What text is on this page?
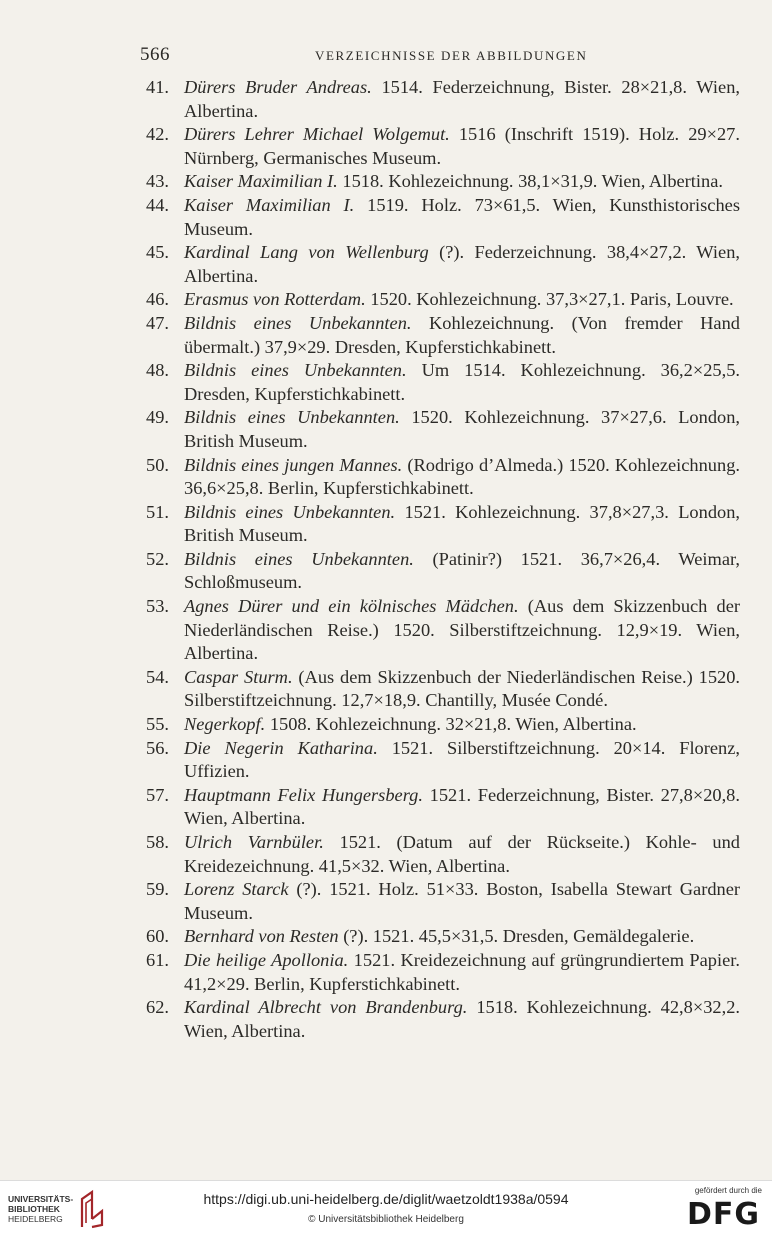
566	VERZEICHNISSE DER ABBILDUNGEN
41. Dürers Bruder Andreas. 1514. Federzeichnung, Bister. 28×21,8. Wien, Albertina.
42. Dürers Lehrer Michael Wolgemut. 1516 (Inschrift 1519). Holz. 29×27. Nürnberg, Germanisches Museum.
43. Kaiser Maximilian I. 1518. Kohlezeichnung. 38,1×31,9. Wien, Albertina.
44. Kaiser Maximilian I. 1519. Holz. 73×61,5. Wien, Kunsthistorisches Museum.
45. Kardinal Lang von Wellenburg (?). Federzeichnung. 38,4×27,2. Wien, Albertina.
46. Erasmus von Rotterdam. 1520. Kohlezeichnung. 37,3×27,1. Paris, Louvre.
47. Bildnis eines Unbekannten. Kohlezeichnung. (Von fremder Hand übermalt.) 37,9×29. Dresden, Kupferstichkabinett.
48. Bildnis eines Unbekannten. Um 1514. Kohlezeichnung. 36,2×25,5. Dresden, Kupferstichkabinett.
49. Bildnis eines Unbekannten. 1520. Kohlezeichnung. 37×27,6. London, British Museum.
50. Bildnis eines jungen Mannes. (Rodrigo d’Almeda.) 1520. Kohlezeichnung. 36,6×25,8. Berlin, Kupferstichkabinett.
51. Bildnis eines Unbekannten. 1521. Kohlezeichnung. 37,8×27,3. London, British Museum.
52. Bildnis eines Unbekannten. (Patinir?) 1521. 36,7×26,4. Weimar, Schloßmuseum.
53. Agnes Dürer und ein kölnisches Mädchen. (Aus dem Skizzenbuch der Niederländischen Reise.) 1520. Silberstiftzeichnung. 12,9×19. Wien, Albertina.
54. Caspar Sturm. (Aus dem Skizzenbuch der Niederländischen Reise.) 1520. Silberstiftzeichnung. 12,7×18,9. Chantilly, Musée Condé.
55. Negerkopf. 1508. Kohlezeichnung. 32×21,8. Wien, Albertina.
56. Die Negerin Katharina. 1521. Silberstiftzeichnung. 20×14. Florenz, Uffizien.
57. Hauptmann Felix Hungersberg. 1521. Federzeichnung, Bister. 27,8×20,8. Wien, Albertina.
58. Ulrich Varnbüler. 1521. (Datum auf der Rückseite.) Kohle- und Kreidezeichnung. 41,5×32. Wien, Albertina.
59. Lorenz Starck (?). 1521. Holz. 51×33. Boston, Isabella Stewart Gardner Museum.
60. Bernhard von Resten (?). 1521. 45,5×31,5. Dresden, Gemäldegalerie.
61. Die heilige Apollonia. 1521. Kreidezeichnung auf grüngrundiertem Papier. 41,2×29. Berlin, Kupferstichkabinett.
62. Kardinal Albrecht von Brandenburg. 1518. Kohlezeichnung. 42,8×32,2. Wien, Albertina.
UNIVERSITÄTS-
BIBLIOTHEK
HEIDELBERG
https://digi.ub.uni-heidelberg.de/diglit/waetzoldt1938a/0594
© Universitätsbibliothek Heidelberg
gefördert durch die
DFG
